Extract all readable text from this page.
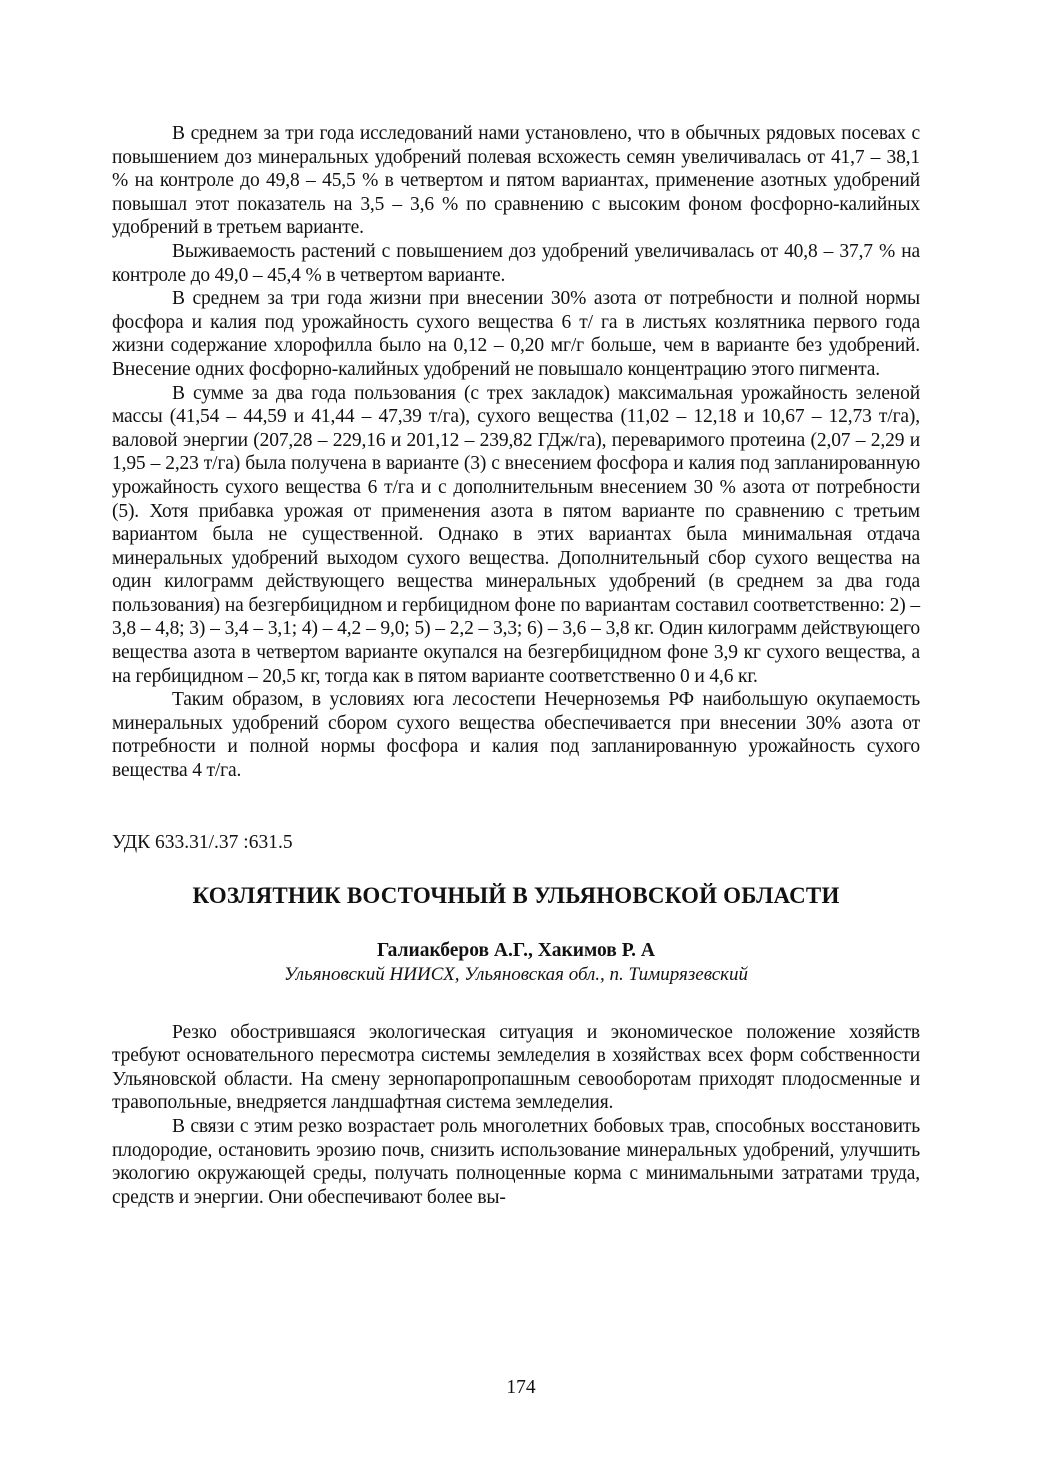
В среднем за три года исследований нами установлено, что в обычных рядовых посевах с повышением доз минеральных удобрений полевая всхожесть семян увеличивалась от 41,7 – 38,1 % на контроле до 49,8 – 45,5 % в четвертом и пятом вариантах, применение азотных удобрений повышал этот показатель на 3,5 – 3,6 % по сравнению с высоким фоном фосфорно-калийных удобрений в третьем варианте.

Выживаемость растений с повышением доз удобрений увеличивалась от 40,8 – 37,7 % на контроле до 49,0 – 45,4 % в четвертом варианте.

В среднем за три года жизни при внесении 30% азота от потребности и полной нормы фосфора и калия под урожайность сухого вещества 6 т/ га в листьях козлятника первого года жизни содержание хлорофилла было на 0,12 – 0,20 мг/г больше, чем в варианте без удобрений. Внесение одних фосфорно-калийных удобрений не повышало концентрацию этого пигмента.

В сумме за два года пользования (с трех закладок) максимальная урожайность зеленой массы (41,54 – 44,59 и 41,44 – 47,39 т/га), сухого вещества (11,02 – 12,18 и 10,67 – 12,73 т/га), валовой энергии (207,28 – 229,16 и 201,12 – 239,82 ГДж/га), переваримого протеина (2,07 – 2,29 и 1,95 – 2,23 т/га) была получена в варианте (3) с внесением фосфора и калия под запланированную урожайность сухого вещества 6 т/га и с дополнительным внесением 30 % азота от потребности (5). Хотя прибавка урожая от применения азота в пятом варианте по сравнению с третьим вариантом была не существенной. Однако в этих вариантах была минимальная отдача минеральных удобрений выходом сухого вещества. Дополнительный сбор сухого вещества на один килограмм действующего вещества минеральных удобрений (в среднем за два года пользования) на безгербицидном и гербицидном фоне по вариантам составил соответственно: 2) – 3,8 – 4,8; 3) – 3,4 – 3,1; 4) – 4,2 – 9,0; 5) – 2,2 – 3,3; 6) – 3,6 – 3,8 кг. Один килограмм действующего вещества азота в четвертом варианте окупался на безгербицидном фоне 3,9 кг сухого вещества, а на гербицидном – 20,5 кг, тогда как в пятом варианте соответственно 0 и 4,6 кг.

Таким образом, в условиях юга лесостепи Нечерноземья РФ наибольшую окупаемость минеральных удобрений сбором сухого вещества обеспечивается при внесении 30% азота от потребности и полной нормы фосфора и калия под запланированную урожайность сухого вещества 4 т/га.

УДК 633.31/.37 :631.5

КОЗЛЯТНИК ВОСТОЧНЫЙ В УЛЬЯНОВСКОЙ ОБЛАСТИ

Галиакберов А.Г., Хакимов Р. А

Ульяновский НИИСХ, Ульяновская обл., п. Тимирязевский

Резко обострившаяся экологическая ситуация и экономическое положение хозяйств требуют основательного пересмотра системы земледелия в хозяйствах всех форм собственности Ульяновской области. На смену зернопаропропашным севооборотам приходят плодосменные и травопольные, внедряется ландшафтная система земледелия.

В связи с этим резко возрастает роль многолетних бобовых трав, способных восстановить плодородие, остановить эрозию почв, снизить использование минеральных удобрений, улучшить экологию окружающей среды, получать полноценные корма с минимальными затратами труда, средств и энергии. Они обеспечивают более вы-

174
